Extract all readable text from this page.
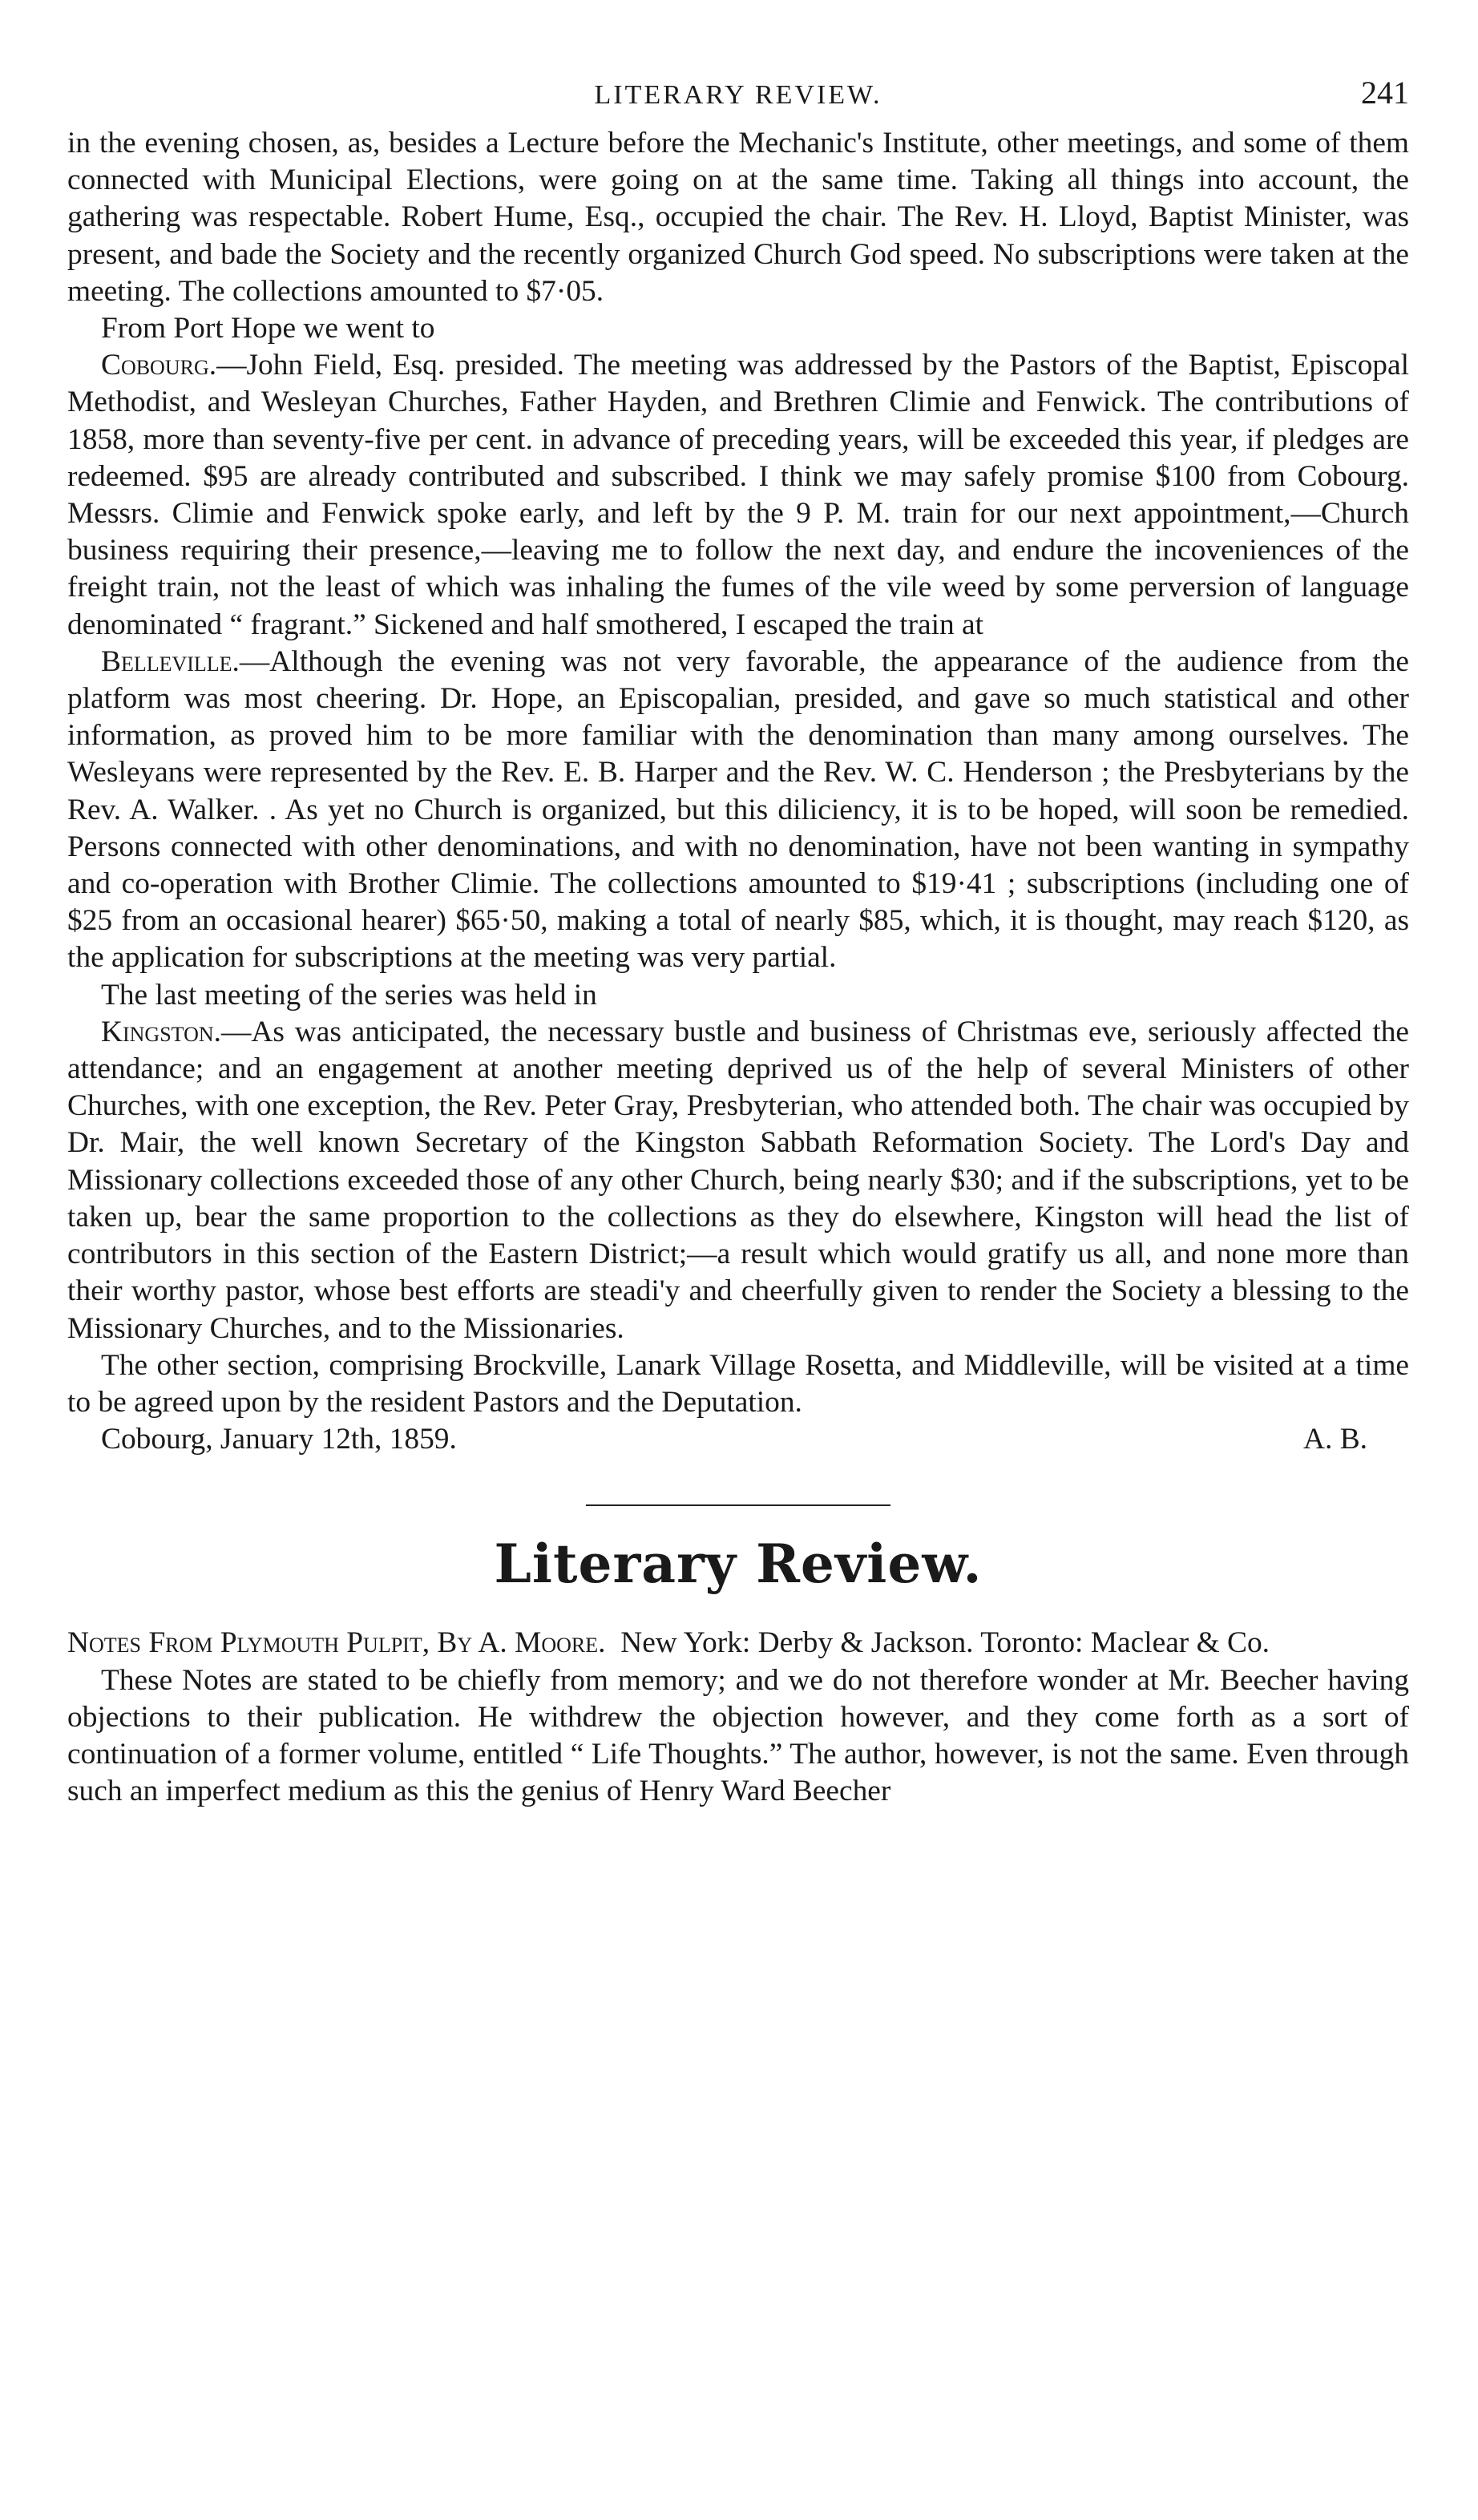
LITERARY REVIEW.	241

in the evening chosen, as, besides a Lecture before the Mechanic's Institute, other meetings, and some of them connected with Municipal Elections, were going on at the same time. Taking all things into account, the gathering was respectable. Robert Hume, Esq., occupied the chair. The Rev. H. Lloyd, Baptist Minister, was present, and bade the Society and the recently organized Church God speed. No subscriptions were taken at the meeting. The collections amounted to $7·05.

From Port Hope we went to

Cobourg.—John Field, Esq. presided. The meeting was addressed by the Pastors of the Baptist, Episcopal Methodist, and Wesleyan Churches, Father Hayden, and Brethren Climie and Fenwick. The contributions of 1858, more than seventy-five per cent. in advance of preceding years, will be exceeded this year, if pledges are redeemed. $95 are already contributed and subscribed. I think we may safely promise $100 from Cobourg. Messrs. Climie and Fenwick spoke early, and left by the 9 P. M. train for our next appointment,—Church business requiring their presence,—leaving me to follow the next day, and endure the incoveniences of the freight train, not the least of which was inhaling the fumes of the vile weed by some perversion of language denominated “ fragrant.” Sickened and half smothered, I escaped the train at

Belleville.—Although the evening was not very favorable, the appearance of the audience from the platform was most cheering. Dr. Hope, an Episcopalian, presided, and gave so much statistical and other information, as proved him to be more familiar with the denomination than many among ourselves. The Wesleyans were represented by the Rev. E. B. Harper and the Rev. W. C. Henderson ; the Presbyterians by the Rev. A. Walker. . As yet no Church is organized, but this diliciency, it is to be hoped, will soon be remedied. Persons connected with other denominations, and with no denomination, have not been wanting in sympathy and co-operation with Brother Climie. The collections amounted to $19·41 ; subscriptions (including one of $25 from an occasional hearer) $65·50, making a total of nearly $85, which, it is thought, may reach $120, as the application for subscriptions at the meeting was very partial.

The last meeting of the series was held in

Kingston.—As was anticipated, the necessary bustle and business of Christmas eve, seriously affected the attendance; and an engagement at another meeting deprived us of the help of several Ministers of other Churches, with one exception, the Rev. Peter Gray, Presbyterian, who attended both. The chair was occupied by Dr. Mair, the well known Secretary of the Kingston Sabbath Reformation Society. The Lord's Day and Missionary collections exceeded those of any other Church, being nearly $30; and if the subscriptions, yet to be taken up, bear the same proportion to the collections as they do elsewhere, Kingston will head the list of contributors in this section of the Eastern District;—a result which would gratify us all, and none more than their worthy pastor, whose best efforts are steadi'y and cheerfully given to render the Society a blessing to the Missionary Churches, and to the Missionaries.

The other section, comprising Brockville, Lanark Village Rosetta, and Middleville, will be visited at a time to be agreed upon by the resident Pastors and the Deputation.

Cobourg, January 12th, 1859.	A. B.
Literary Review.

Notes From Plymouth Pulpit, By A. Moore. New York: Derby & Jackson. Toronto: Maclear & Co.

These Notes are stated to be chiefly from memory; and we do not therefore wonder at Mr. Beecher having objections to their publication. He withdrew the objection however, and they come forth as a sort of continuation of a former volume, entitled “ Life Thoughts.” The author, however, is not the same. Even through such an imperfect medium as this the genius of Henry Ward Beecher
